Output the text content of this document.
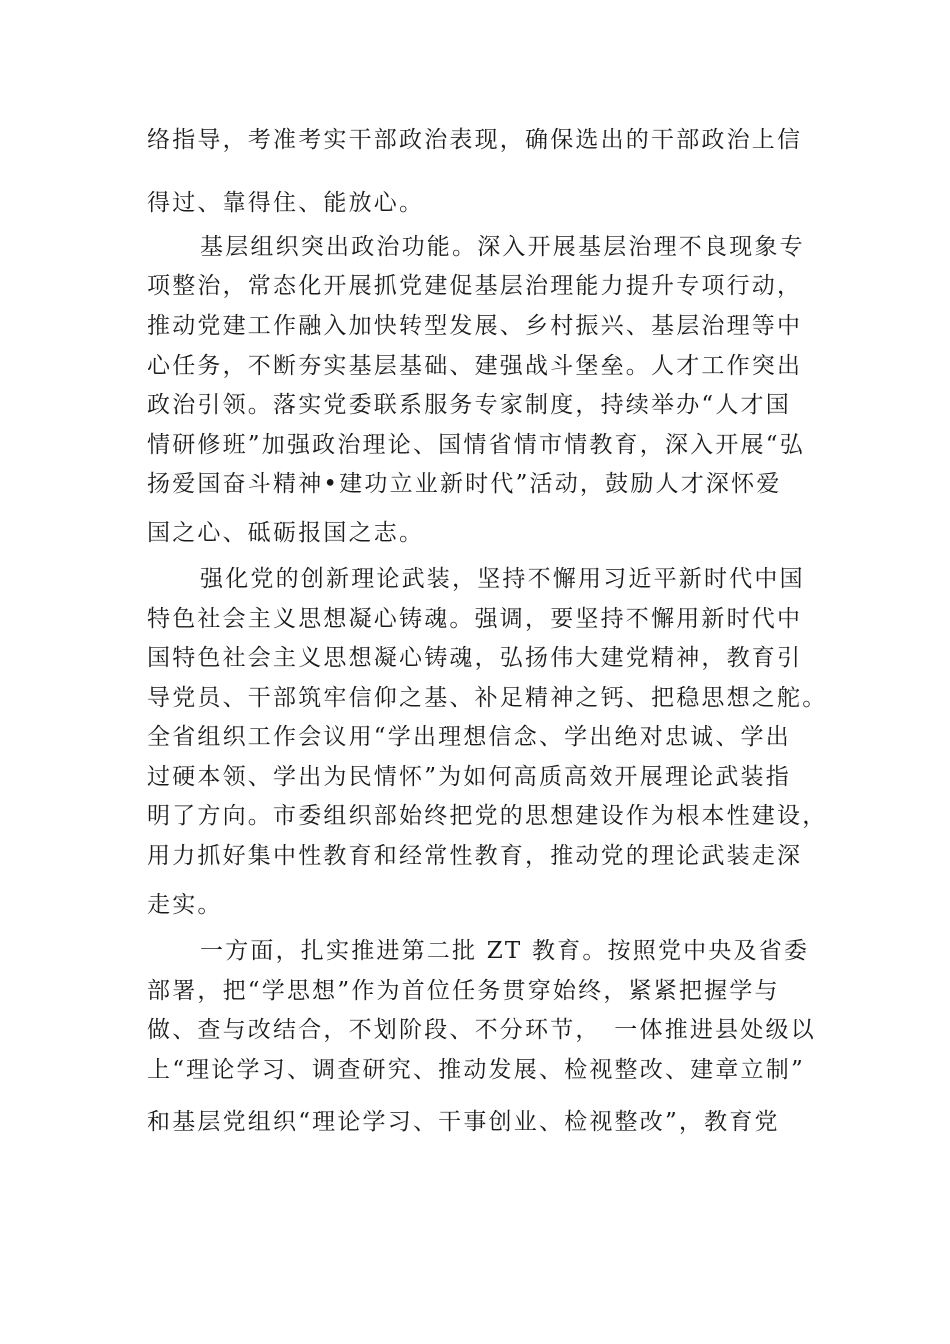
络指导，考准考实干部政治表现，确保选出的干部政治上信
得过、靠得住、能放心。
基层组织突出政治功能。深入开展基层治理不良现象专
项整治，常态化开展抓党建促基层治理能力提升专项行动，
推动党建工作融入加快转型发展、乡村振兴、基层治理等中
心任务，不断夯实基层基础、建强战斗堡垒。人才工作突出
政治引领。落实党委联系服务专家制度，持续举办“人才国
情研修班”加强政治理论、国情省情市情教育，深入开展“弘
扬爱国奋斗精神•建功立业新时代”活动，鼓励人才深怀爱
国之心、砥砺报国之志。
强化党的创新理论武装，坚持不懈用习近平新时代中国
特色社会主义思想凝心铸魂。强调，要坚持不懈用新时代中
国特色社会主义思想凝心铸魂，弘扬伟大建党精神，教育引
导党员、干部筑牢信仰之基、补足精神之钙、把稳思想之舵。
全省组织工作会议用“学出理想信念、学出绝对忠诚、学出
过硬本领、学出为民情怀”为如何高质高效开展理论武装指
明了方向。市委组织部始终把党的思想建设作为根本性建设，
用力抓好集中性教育和经常性教育，推动党的理论武装走深
走实。
一方面，扎实推进第二批 ZT 教育。按照党中央及省委
部署，把“学思想”作为首位任务贯穿始终，紧紧把握学与
做、查与改结合，不划阶段、不分环节，　一体推进县处级以
上“理论学习、调查研究、推动发展、检视整改、建章立制”
和基层党组织“理论学习、干事创业、检视整改”，教育党
